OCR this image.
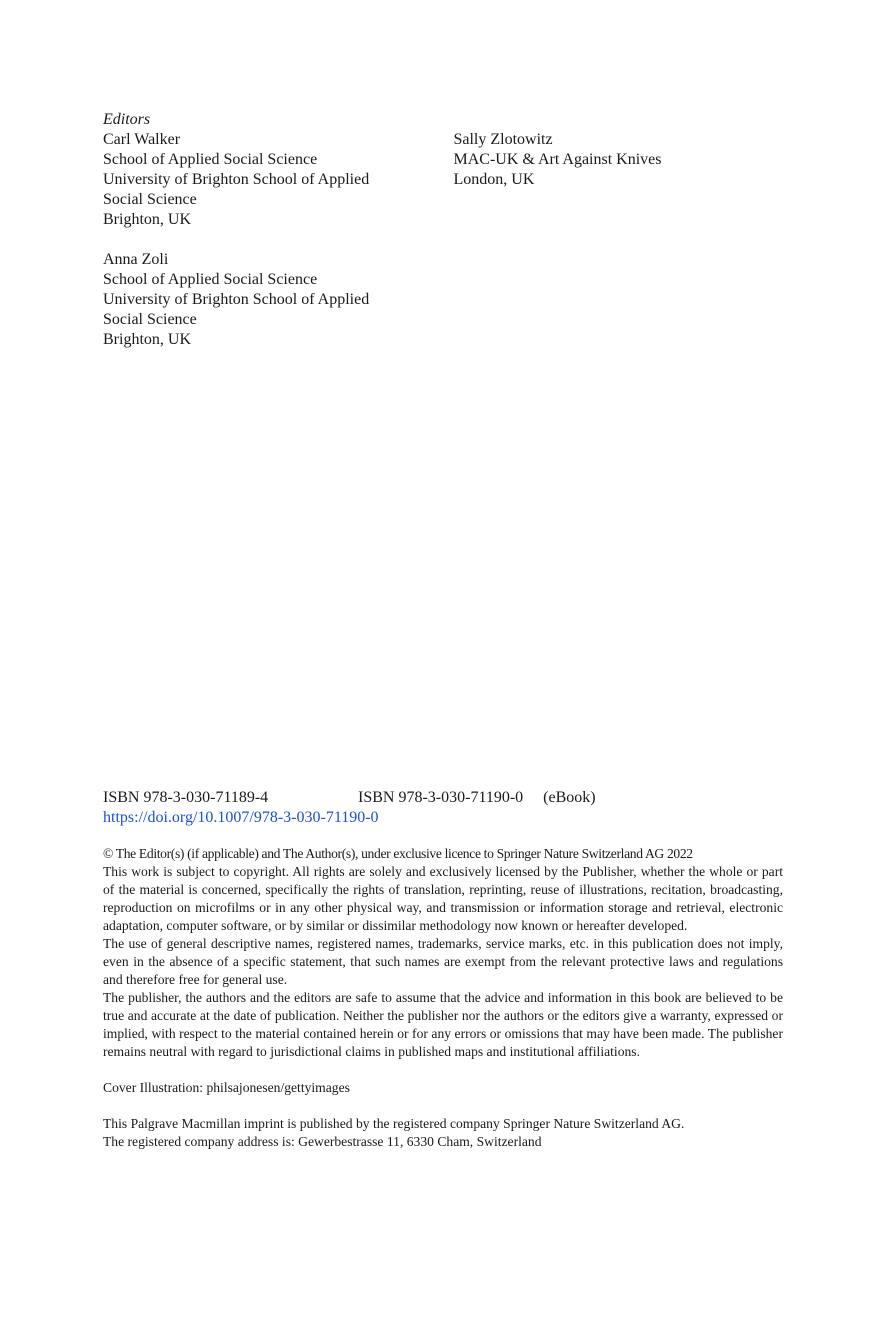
Editors
Carl Walker
School of Applied Social Science
University of Brighton School of Applied
Social Science
Brighton, UK
Anna Zoli
School of Applied Social Science
University of Brighton School of Applied
Social Science
Brighton, UK
Sally Zlotowitz
MAC-UK & Art Against Knives
London, UK
ISBN 978-3-030-71189-4	ISBN 978-3-030-71190-0 (eBook)
https://doi.org/10.1007/978-3-030-71190-0

© The Editor(s) (if applicable) and The Author(s), under exclusive licence to Springer Nature Switzerland AG 2022

This work is subject to copyright. All rights are solely and exclusively licensed by the Publisher, whether the whole or part of the material is concerned, specifically the rights of translation, reprinting, reuse of illustrations, recitation, broadcasting, reproduction on microfilms or in any other physical way, and transmission or information storage and retrieval, electronic adaptation, computer software, or by similar or dissimilar methodology now known or hereafter developed.

The use of general descriptive names, registered names, trademarks, service marks, etc. in this publication does not imply, even in the absence of a specific statement, that such names are exempt from the relevant protective laws and regulations and therefore free for general use.

The publisher, the authors and the editors are safe to assume that the advice and information in this book are believed to be true and accurate at the date of publication. Neither the publisher nor the authors or the editors give a warranty, expressed or implied, with respect to the material contained herein or for any errors or omissions that may have been made. The publisher remains neutral with regard to jurisdictional claims in published maps and institutional affiliations.

Cover Illustration: philsajonesen/gettyimages

This Palgrave Macmillan imprint is published by the registered company Springer Nature Switzerland AG.

The registered company address is: Gewerbestrasse 11, 6330 Cham, Switzerland
